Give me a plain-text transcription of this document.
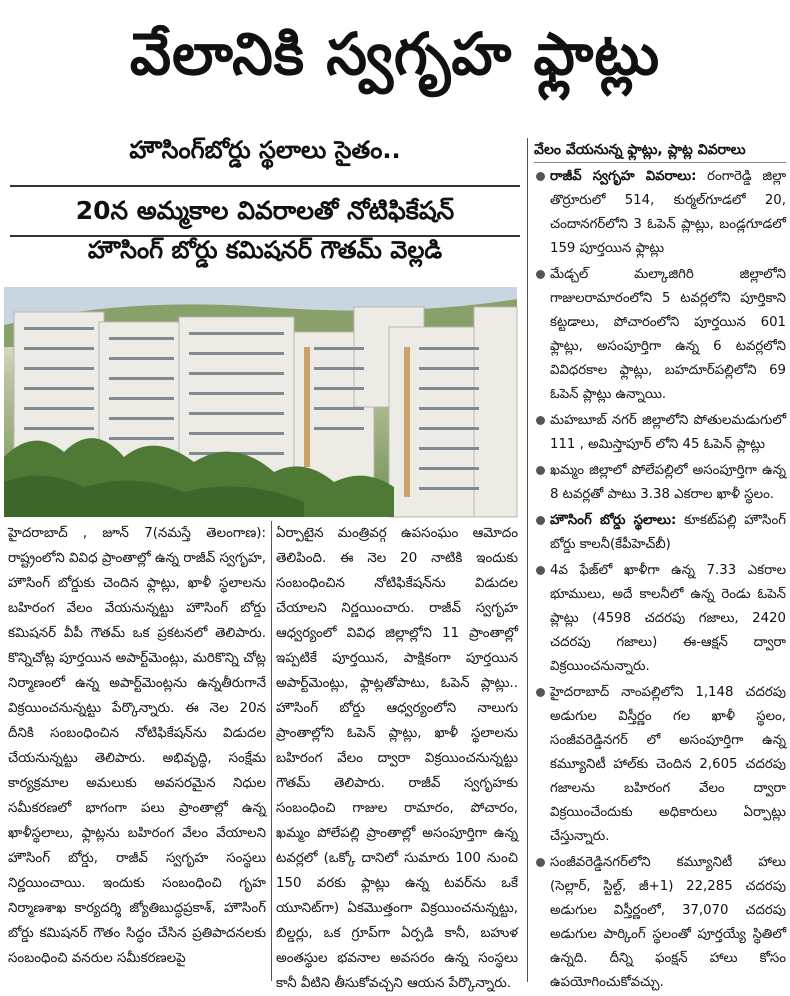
వేలానికి స్వగృహ ఫ్లాట్లు
హౌసింగ్‌బోర్డు స్థలాలు సైతం..
20న అమ్మకాల వివరాలతో నోటిఫికేషన్‌
హౌసింగ్‌ బోర్డు కమిషనర్‌ గౌతమ్‌ వెల్లడి
హైదరాబాద్‌ , జూన్‌ 7(నమస్తే తెలంగాణ): రాష్ట్రంలోని వివిధ ప్రాంతాల్లో ఉన్న రాజీవ్‌ స్వగృహ, హౌసింగ్‌ బోర్డుకు చెందిన ఫ్లాట్లు, ఖాళీ స్థలాలను బహిరంగ వేలం వేయనున్నట్టు హౌసింగ్‌ బోర్డు కమిషనర్‌ వీపీ గౌతమ్‌ ఒక ప్రకటనలో తెలిపారు. కొన్నిచోట్ల పూర్తయిన అపార్ట్‌మెంట్లు, మరికొన్ని చోట్ల నిర్మాణంలో ఉన్న అపార్ట్‌మెంట్లను ఉన్నతీరుగానే విక్రయించనున్నట్టు పేర్కొన్నారు. ఈ నెల 20న దీనికి సంబంధించిన నోటిఫికేషన్‌ను విడుదల చేయనున్నట్టు తెలిపారు. అభివృద్ధి, సంక్షేమ కార్యక్రమాల అమలుకు అవసరమైన నిధుల సమీకరణలో భాగంగా పలు ప్రాంతాల్లో ఉన్న ఖాళీస్థలాలు, ఫ్లాట్లను బహిరంగ వేలం వేయాలని హౌసింగ్‌ బోర్డు, రాజీవ్‌ స్వగృహ సంస్థలు నిర్ణయించాయి. ఇందుకు సంబంధించి గృహ నిర్మాణశాఖ కార్యదర్శి జ్యోతిబుద్ధప్రకాశ్‌, హౌసింగ్‌ బోర్డు కమిషనర్‌ గౌతం సిద్ధం చేసిన ప్రతిపాదనలకు సంబంధించి వనరుల సమీకరణలపై
ఏర్పాటైన మంత్రివర్గ ఉపసంఘం ఆమోదం తెలిపింది. ఈ నెల 20 నాటికి ఇందుకు సంబంధించిన నోటిఫికేషన్‌ను విడుదల చేయాలని నిర్ణయించారు. రాజీవ్‌ స్వగృహ ఆధ్వర్యంలో వివిధ జిల్లాల్లోని 11 ప్రాంతాల్లో ఇప్పటికే పూర్తయిన, పాక్షికంగా పూర్తయిన అపార్ట్‌మెంట్లు, ఫ్లాట్లతోపాటు, ఓపెన్‌ ప్లాట్లు.. హౌసింగ్‌ బోర్డు ఆధ్వర్యంలోని నాలుగు ప్రాంతాల్లోని ఓపెన్‌ ప్లాట్లు, ఖాళీ స్థలాలను బహిరంగ వేలం ద్వారా విక్రయించనున్నట్టు గౌతమ్‌ తెలిపారు. రాజీవ్‌ స్వగృహకు సంబంధించి గాజుల రామారం, పోచారం, ఖమ్మం పోలేపల్లి ప్రాంతాల్లో అసంపూర్తిగా ఉన్న టవర్లలో (ఒక్కో దానిలో సుమారు 100 నుంచి 150 వరకు ఫ్లాట్లు ఉన్న టవర్‌ను ఒకే యూనిట్‌గా) ఏకమొత్తంగా విక్రయించనున్నట్టు, బిల్డర్లు, ఒక గ్రూప్‌గా ఏర్పడి కానీ, బహుళ అంతస్థుల భవనాల అవసరం ఉన్న సంస్థలు కానీ వీటిని తీసుకోవచ్చని ఆయన పేర్కొన్నారు.
వేలం వేయనున్న ఫ్లాట్లు, ప్లాట్ల వివరాలు
రాజీవ్‌ స్వగృహ వివరాలు: రంగారెడ్డి జిల్లా తొర్రూరులో 514, కుర్మల్‌గూడలో 20, చందానగర్‌లోని 3 ఓపెన్‌ ప్లాట్లు, బండ్లగూడలో 159 పూర్తయిన ఫ్లాట్లు
మేడ్చల్‌ మల్కాజిగిరి జిల్లాలోని గాజులరామారంలోని 5 టవర్లలోని పూర్తికాని కట్టడాలు, పోచారంలోని పూర్తయిన 601 ఫ్లాట్లు, అసంపూర్తిగా ఉన్న 6 టవర్లలోని వివిధరకాల ఫ్లాట్లు, బహదూర్‌పల్లిలోని 69 ఓపెన్‌ ప్లాట్లు ఉన్నాయి.
మహబూబ్‌ నగర్‌ జిల్లాలోని పోతులమడుగులో 111 , అమిస్తాపూర్‌ లోని 45 ఓపెన్‌ ప్లాట్లు
ఖమ్మం జిల్లాలో పోలేపల్లిలో అసంపూర్తిగా ఉన్న 8 టవర్లతో పాటు 3.38 ఎకరాల ఖాళీ స్థలం.
హౌసింగ్‌ బోర్డు స్థలాలు: కూకట్‌పల్లి హౌసింగ్‌ బోర్డు కాలనీ(కేపీహెచ్‌బీ)
4వ ఫేజ్‌లో ఖాళీగా ఉన్న 7.33 ఎకరాల భూములు, అదే కాలనీలో ఉన్న రెండు ఓపెన్‌ ప్లాట్లు (4598 చదరపు గజాలు, 2420 చదరపు గజాలు) ఈ-ఆక్షన్‌ ద్వారా విక్రయించనున్నారు.
హైదరాబాద్‌ నాంపల్లిలోని 1,148 చదరపు అడుగుల విస్తీర్ణం గల ఖాళీ స్థలం, సంజీవరెడ్డినగర్‌ లో అసంపూర్తిగా ఉన్న కమ్యూనిటీ హాల్‌కు చెందిన 2,605 చదరపు గజాలను బహిరంగ వేలం ద్వారా విక్రయించేందుకు అధికారులు ఏర్పాట్లు చేస్తున్నారు.
సంజీవరెడ్డినగర్‌లోని కమ్యూనిటీ హాలు (సెల్లార్‌, స్టిల్ట్‌, జీ+1) 22,285 చదరపు అడుగుల విస్తీర్ణంలో, 37,070 చదరపు అడుగుల పార్కింగ్‌ స్థలంతో పూర్తయ్యే స్థితిలో ఉన్నది. దీన్ని ఫంక్షన్‌ హాలు కోసం ఉపయోగించుకోవచ్చు.
